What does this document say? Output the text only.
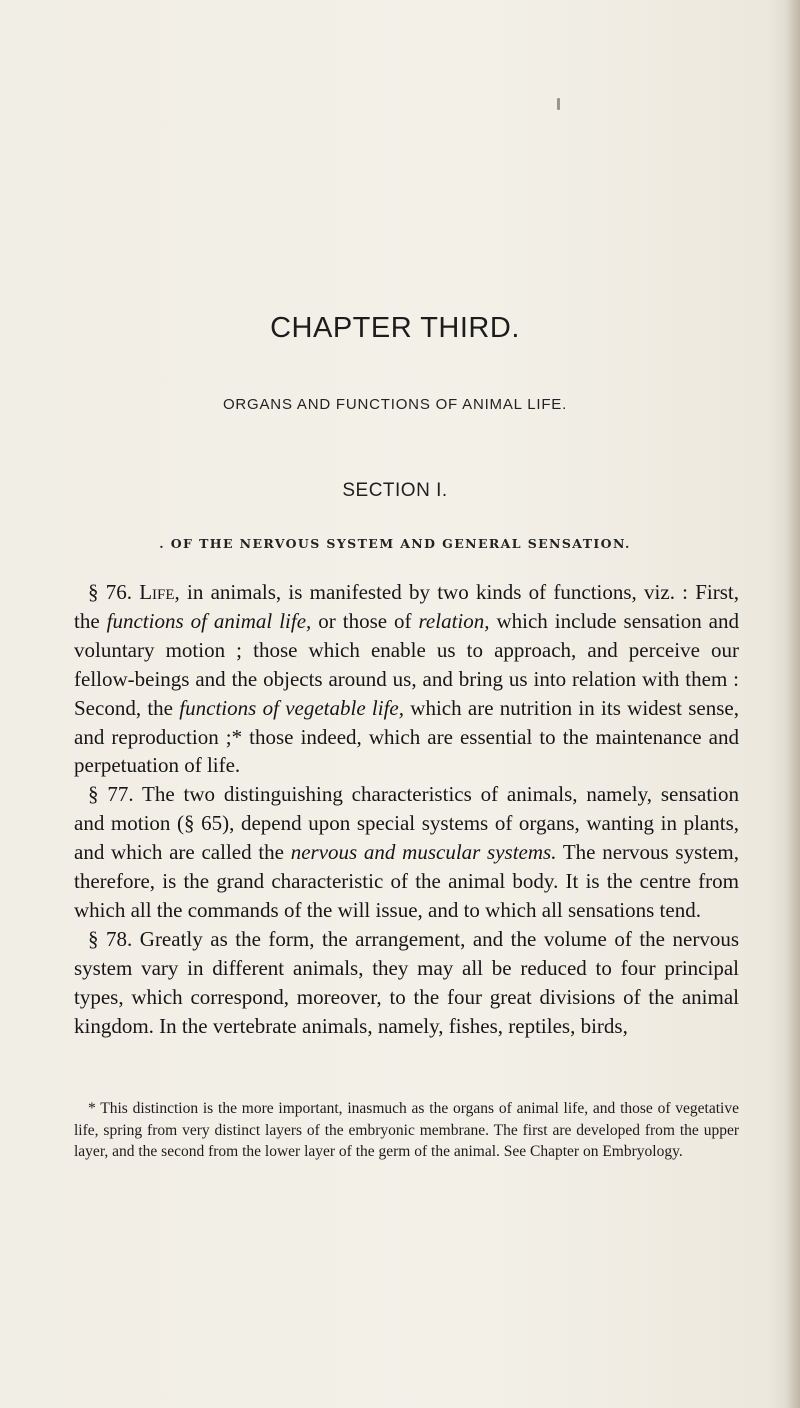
CHAPTER THIRD.
ORGANS AND FUNCTIONS OF ANIMAL LIFE.
SECTION I.
. OF THE NERVOUS SYSTEM AND GENERAL SENSATION.

§ 76. Life, in animals, is manifested by two kinds of functions, viz. : First, the functions of animal life, or those of relation, which include sensation and voluntary motion ; those which enable us to approach, and perceive our fellow-beings and the objects around us, and bring us into relation with them : Second, the functions of vegetable life, which are nutrition in its widest sense, and reproduction ;* those indeed, which are essential to the maintenance and perpetuation of life.

§ 77. The two distinguishing characteristics of animals, namely, sensation and motion (§ 65), depend upon special systems of organs, wanting in plants, and which are called the nervous and muscular systems. The nervous system, therefore, is the grand characteristic of the animal body. It is the centre from which all the commands of the will issue, and to which all sensations tend.

§ 78. Greatly as the form, the arrangement, and the volume of the nervous system vary in different animals, they may all be reduced to four principal types, which correspond, moreover, to the four great divisions of the animal kingdom. In the vertebrate animals, namely, fishes, reptiles, birds,

* This distinction is the more important, inasmuch as the organs of animal life, and those of vegetative life, spring from very distinct layers of the embryonic membrane. The first are developed from the upper layer, and the second from the lower layer of the germ of the animal. See Chapter on Embryology.
